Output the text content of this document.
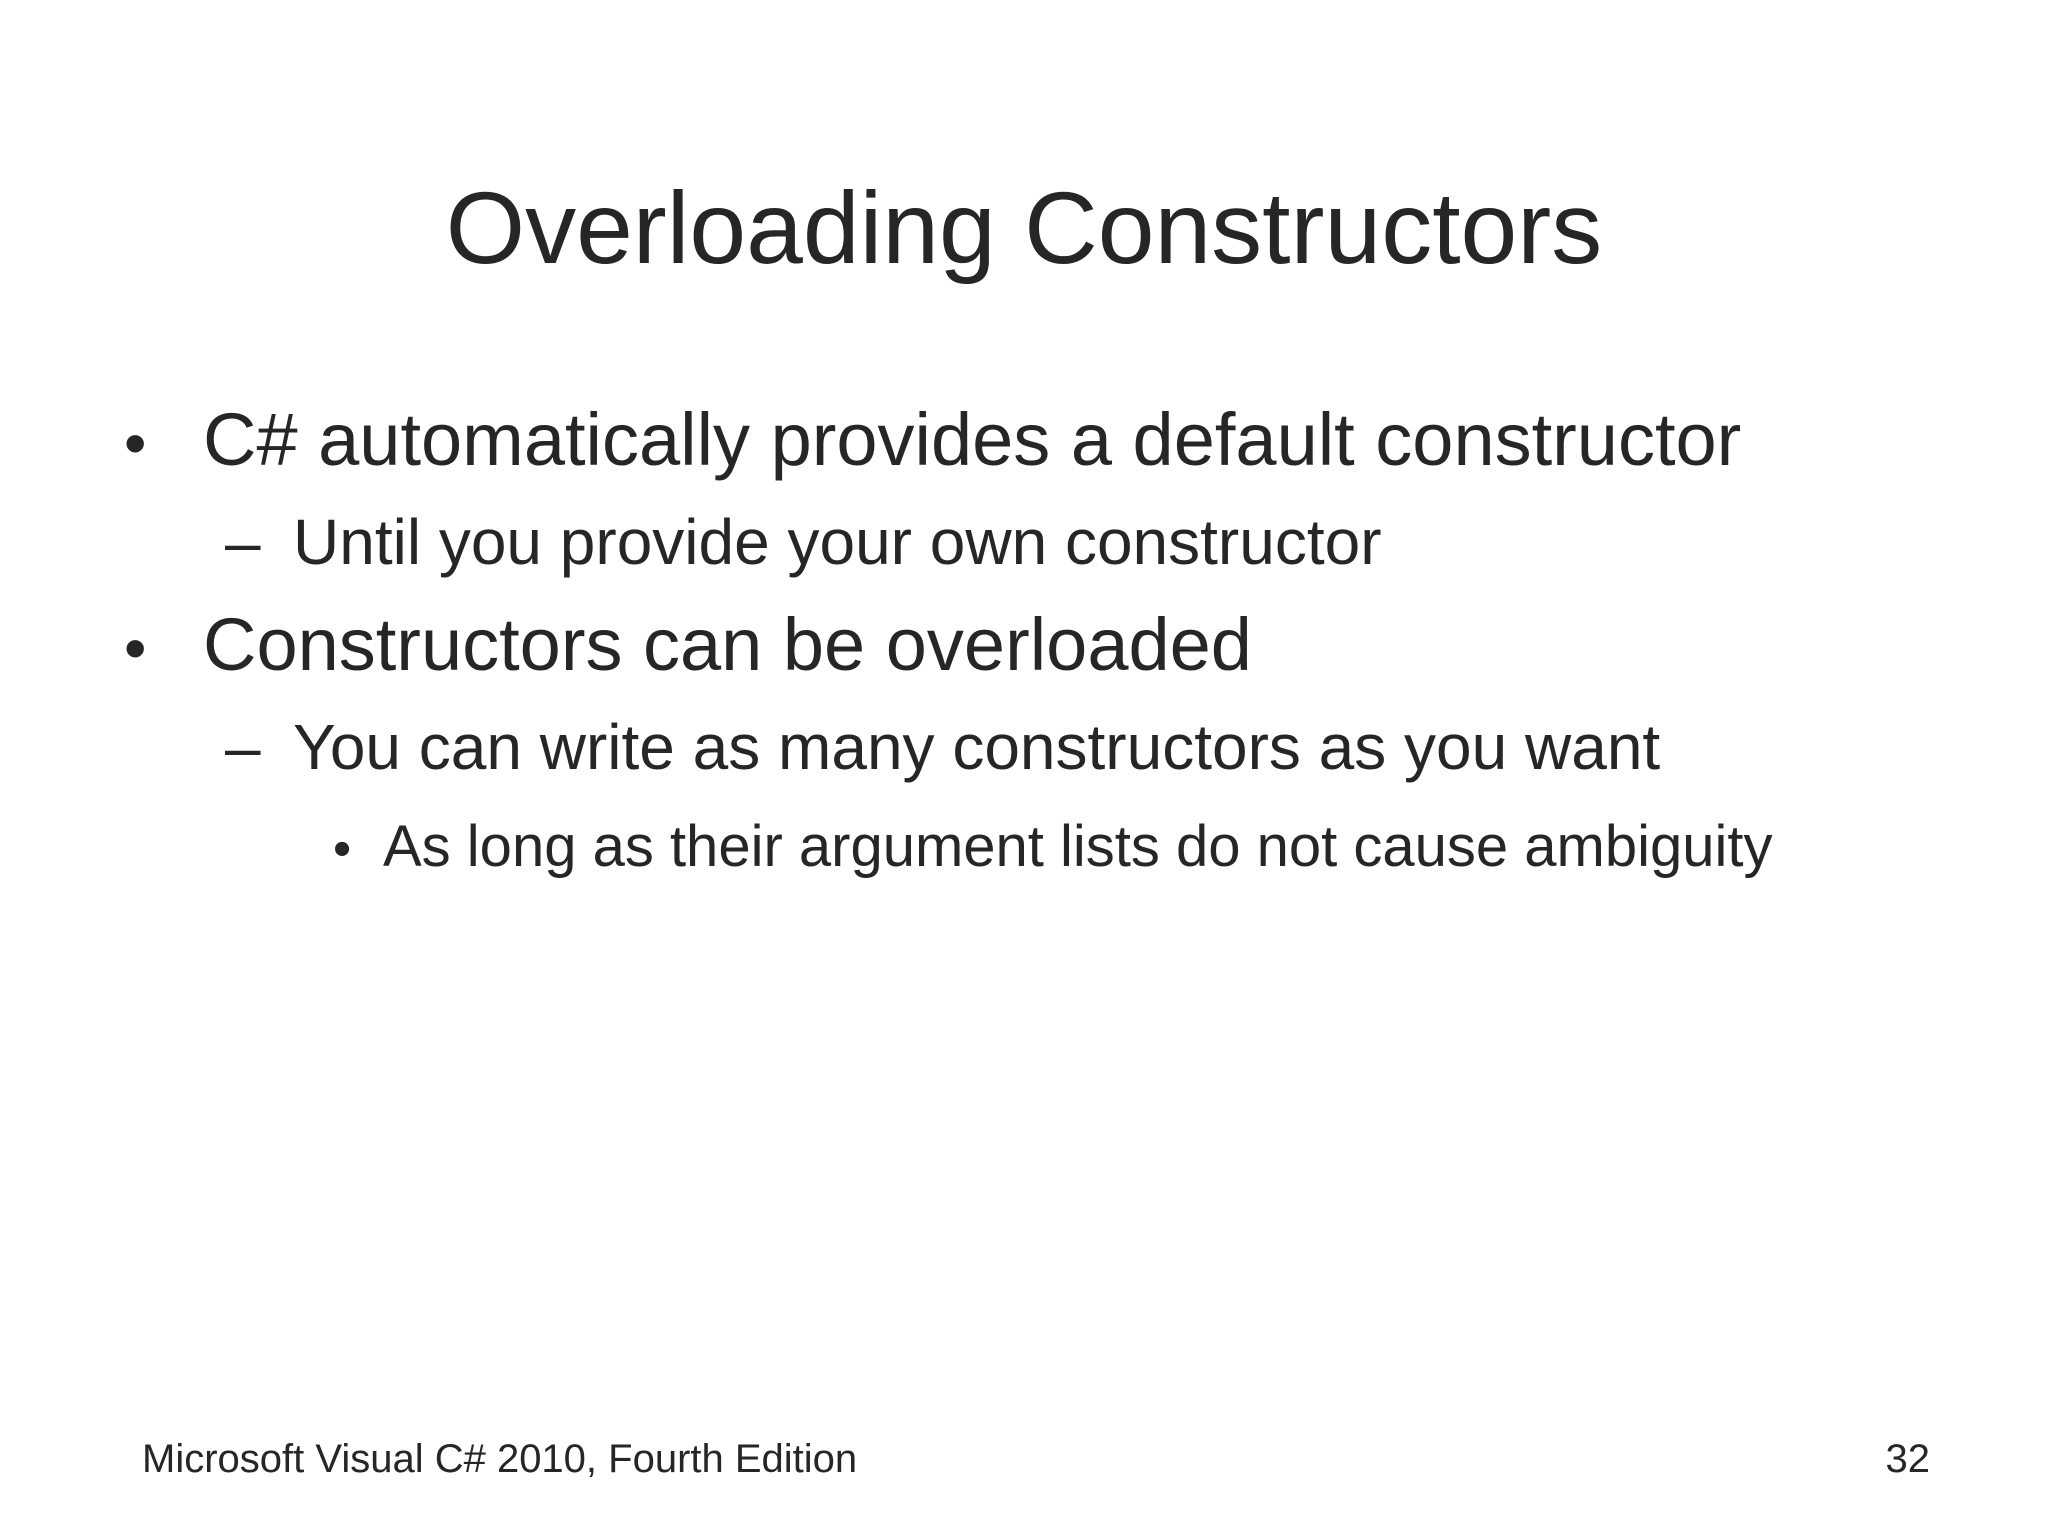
Overloading Constructors
• C# automatically provides a default constructor
– Until you provide your own constructor
• Constructors can be overloaded
– You can write as many constructors as you want
• As long as their argument lists do not cause ambiguity
Microsoft Visual C# 2010, Fourth Edition	32
